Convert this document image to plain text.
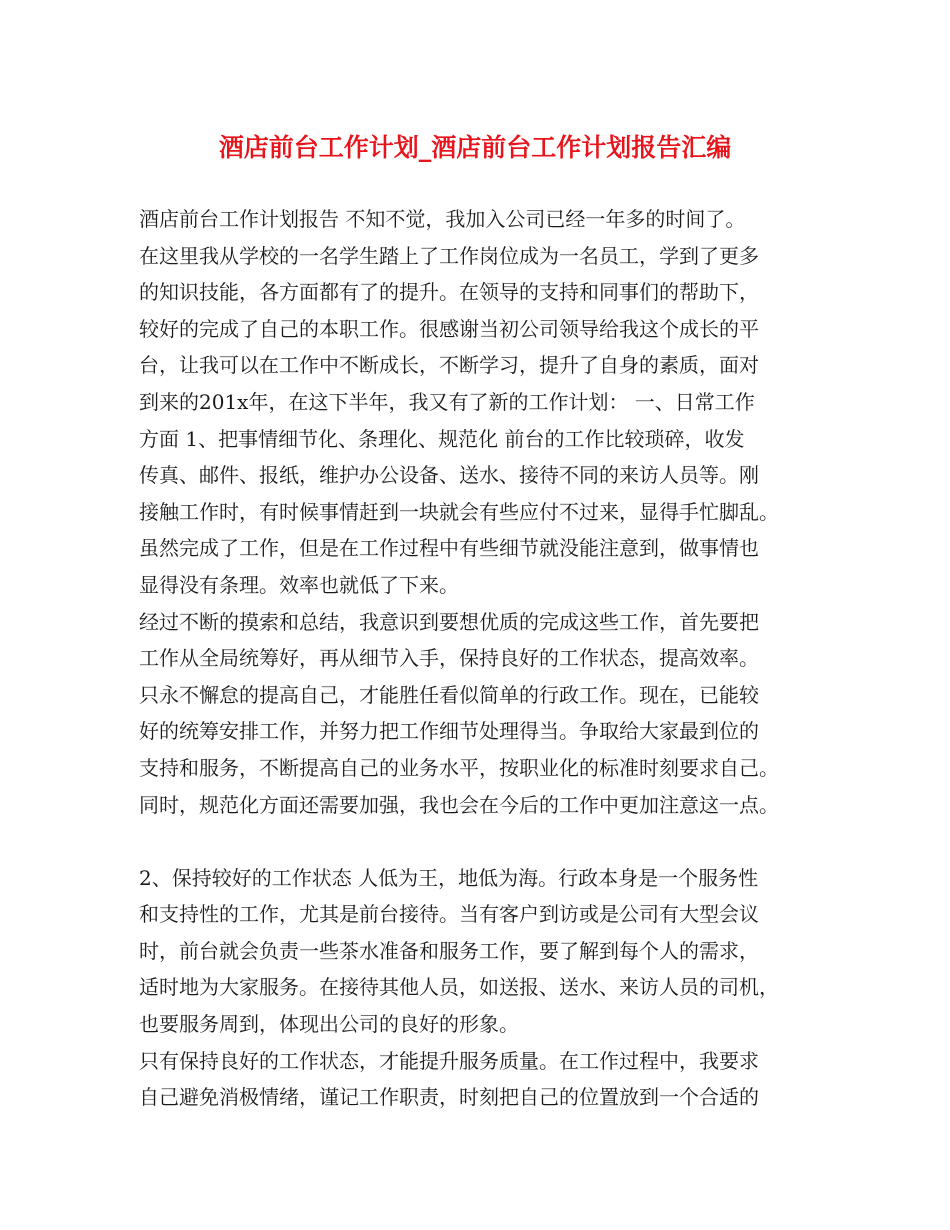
酒店前台工作计划_酒店前台工作计划报告汇编
酒店前台工作计划报告 不知不觉，我加入公司已经一年多的时间了。
在这里我从学校的一名学生踏上了工作岗位成为一名员工，学到了更多
的知识技能，各方面都有了的提升。在领导的支持和同事们的帮助下，
较好的完成了自己的本职工作。很感谢当初公司领导给我这个成长的平
台，让我可以在工作中不断成长，不断学习，提升了自身的素质，面对
到来的201x年，在这下半年，我又有了新的工作计划： 一、日常工作
方面 1、把事情细节化、条理化、规范化 前台的工作比较琐碎，收发
传真、邮件、报纸，维护办公设备、送水、接待不同的来访人员等。刚
接触工作时，有时候事情赶到一块就会有些应付不过来，显得手忙脚乱。
虽然完成了工作，但是在工作过程中有些细节就没能注意到，做事情也
显得没有条理。效率也就低了下来。
经过不断的摸索和总结，我意识到要想优质的完成这些工作，首先要把
工作从全局统筹好，再从细节入手，保持良好的工作状态，提高效率。
只永不懈怠的提高自己，才能胜任看似简单的行政工作。现在，已能较
好的统筹安排工作，并努力把工作细节处理得当。争取给大家最到位的
支持和服务，不断提高自己的业务水平，按职业化的标准时刻要求自己。
同时，规范化方面还需要加强，我也会在今后的工作中更加注意这一点。
2、保持较好的工作状态 人低为王，地低为海。行政本身是一个服务性
和支持性的工作，尤其是前台接待。当有客户到访或是公司有大型会议
时，前台就会负责一些茶水准备和服务工作，要了解到每个人的需求，
适时地为大家服务。在接待其他人员，如送报、送水、来访人员的司机，
也要服务周到，体现出公司的良好的形象。
只有保持良好的工作状态，才能提升服务质量。在工作过程中，我要求
自己避免消极情绪，谨记工作职责，时刻把自己的位置放到一个合适的
